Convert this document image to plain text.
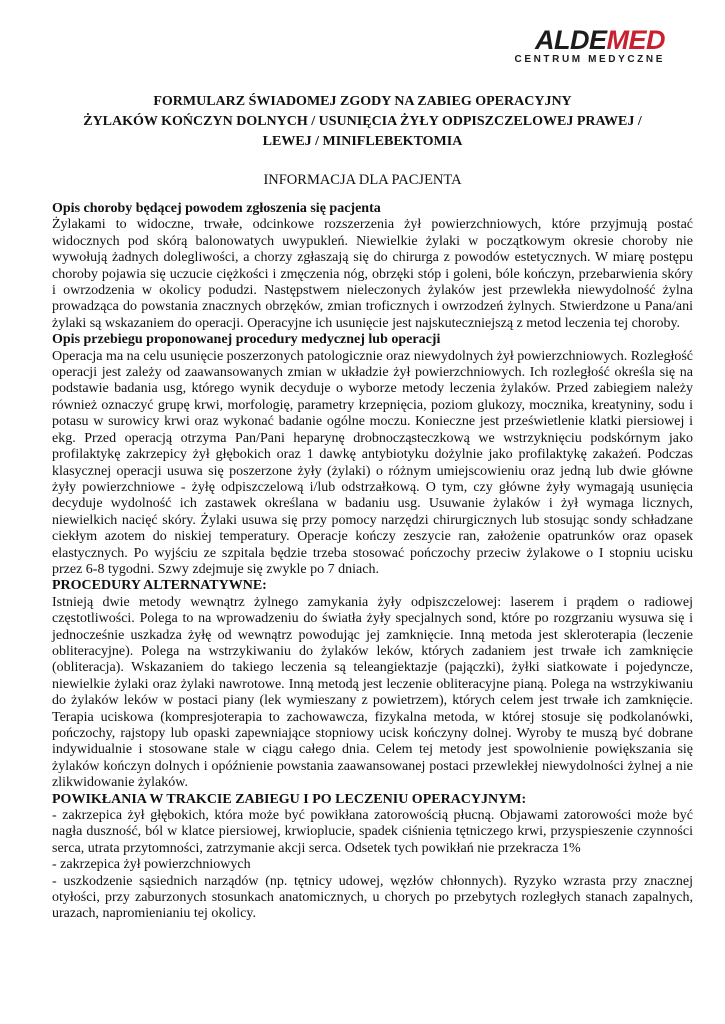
ALDEMED
CENTRUM MEDYCZNE
FORMULARZ ŚWIADOMEJ ZGODY NA ZABIEG OPERACYJNY
ŻYLAKÓW KOŃCZYN DOLNYCH / USUNIĘCIA ŻYŁY ODPISZCZELOWEJ PRAWEJ /
LEWEJ / MINIFLEBEKTOMIA
INFORMACJA DLA PACJENTA
Opis choroby będącej powodem zgłoszenia się pacjenta

Żylakami to widoczne, trwałe, odcinkowe rozszerzenia żył powierzchniowych, które przyjmują postać widocznych pod skórą balonowatych uwypukleń. Niewielkie żylaki w początkowym okresie choroby nie wywołują żadnych dolegliwości, a chorzy zgłaszają się do chirurga z powodów estetycznych. W miarę postępu choroby pojawia się uczucie ciężkości i zmęczenia nóg, obrzęki stóp i goleni, bóle kończyn, przebarwienia skóry i owrzodzenia w okolicy podudzi. Następstwem nieleczonych żylaków jest przewlekła niewydolność żylna prowadząca do powstania znacznych obrzęków, zmian troficznych i owrzodzeń żylnych. Stwierdzone u Pana/ani żylaki są wskazaniem do operacji. Operacyjne ich usunięcie jest najskuteczniejszą z metod leczenia tej choroby.

Opis przebiegu proponowanej procedury medycznej lub operacji

Operacja ma na celu usunięcie poszerzonych patologicznie oraz niewydolnych żył powierzchniowych. Rozległość operacji jest zależy od zaawansowanych zmian w układzie żył powierzchniowych. Ich rozległość określa się na podstawie badania usg, którego wynik decyduje o wyborze metody leczenia żylaków. Przed zabiegiem należy również oznaczyć grupę krwi, morfologię, parametry krzepnięcia, poziom glukozy, mocznika, kreatyniny, sodu i potasu w surowicy krwi oraz wykonać badanie ogólne moczu. Konieczne jest prześwietlenie klatki piersiowej i ekg. Przed operacją otrzyma Pan/Pani heparynę drobnocząsteczkową we wstrzyknięciu podskórnym jako profilaktykę zakrzepicy żył głębokich oraz 1 dawkę antybiotyku dożylnie jako profilaktykę zakażeń. Podczas klasycznej operacji usuwa się poszerzone żyły (żylaki) o różnym umiejscowieniu oraz jedną lub dwie główne żyły powierzchniowe - żyłę odpiszczelową i/lub odstrzałkową. O tym, czy główne żyły wymagają usunięcia decyduje wydolność ich zastawek określana w badaniu usg. Usuwanie żylaków i żył wymaga licznych, niewielkich nacięć skóry. Żylaki usuwa się przy pomocy narzędzi chirurgicznych lub stosując sondy schładzane ciekłym azotem do niskiej temperatury. Operacje kończy zeszycie ran, założenie opatrunków oraz opasek elastycznych. Po wyjściu ze szpitala będzie trzeba stosować pończochy przeciw żylakowe o I stopniu ucisku przez 6-8 tygodni. Szwy zdejmuje się zwykle po 7 dniach.

PROCEDURY ALTERNATYWNE:

Istnieją dwie metody wewnątrz żylnego zamykania żyły odpiszczelowej: laserem i prądem o radiowej częstotliwości. Polega to na wprowadzeniu do światła żyły specjalnych sond, które po rozgrzaniu wysuwa się i jednocześnie uszkadza żyłę od wewnątrz powodując jej zamknięcie. Inną metoda jest skleroterapia (leczenie obliteracyjne). Polega na wstrzykiwaniu do żylaków leków, których zadaniem jest trwałe ich zamknięcie (obliteracja). Wskazaniem do takiego leczenia są teleangiektazje (pajączki), żyłki siatkowate i pojedyncze, niewielkie żylaki oraz żylaki nawrotowe. Inną metodą jest leczenie obliteracyjne pianą. Polega na wstrzykiwaniu do żylaków leków w postaci piany (lek wymieszany z powietrzem), których celem jest trwałe ich zamknięcie. Terapia uciskowa (kompresjoterapia to zachowawcza, fizykalna metoda, w której stosuje się podkolanówki, pończochy, rajstopy lub opaski zapewniające stopniowy ucisk kończyny dolnej. Wyroby te muszą być dobrane indywidualnie i stosowane stale w ciągu całego dnia. Celem tej metody jest spowolnienie powiększania się żylaków kończyn dolnych i opóźnienie powstania zaawansowanej postaci przewlekłej niewydolności żylnej a nie zlikwidowanie żylaków.

POWIKŁANIA W TRAKCIE ZABIEGU I PO LECZENIU OPERACYJNYM:

- zakrzepica żył głębokich, która może być powikłana zatorowością płucną. Objawami zatorowości może być nagła duszność, ból w klatce piersiowej, krwioplucie, spadek ciśnienia tętniczego krwi, przyspieszenie czynności serca, utrata przytomności, zatrzymanie akcji serca. Odsetek tych powikłań nie przekracza 1%

- zakrzepica żył powierzchniowych

- uszkodzenie sąsiednich narządów (np. tętnicy udowej, węzłów chłonnych). Ryzyko wzrasta przy znacznej otyłości, przy zaburzonych stosunkach anatomicznych, u chorych po przebytych rozległych stanach zapalnych, urazach, napromienianiu tej okolicy.
